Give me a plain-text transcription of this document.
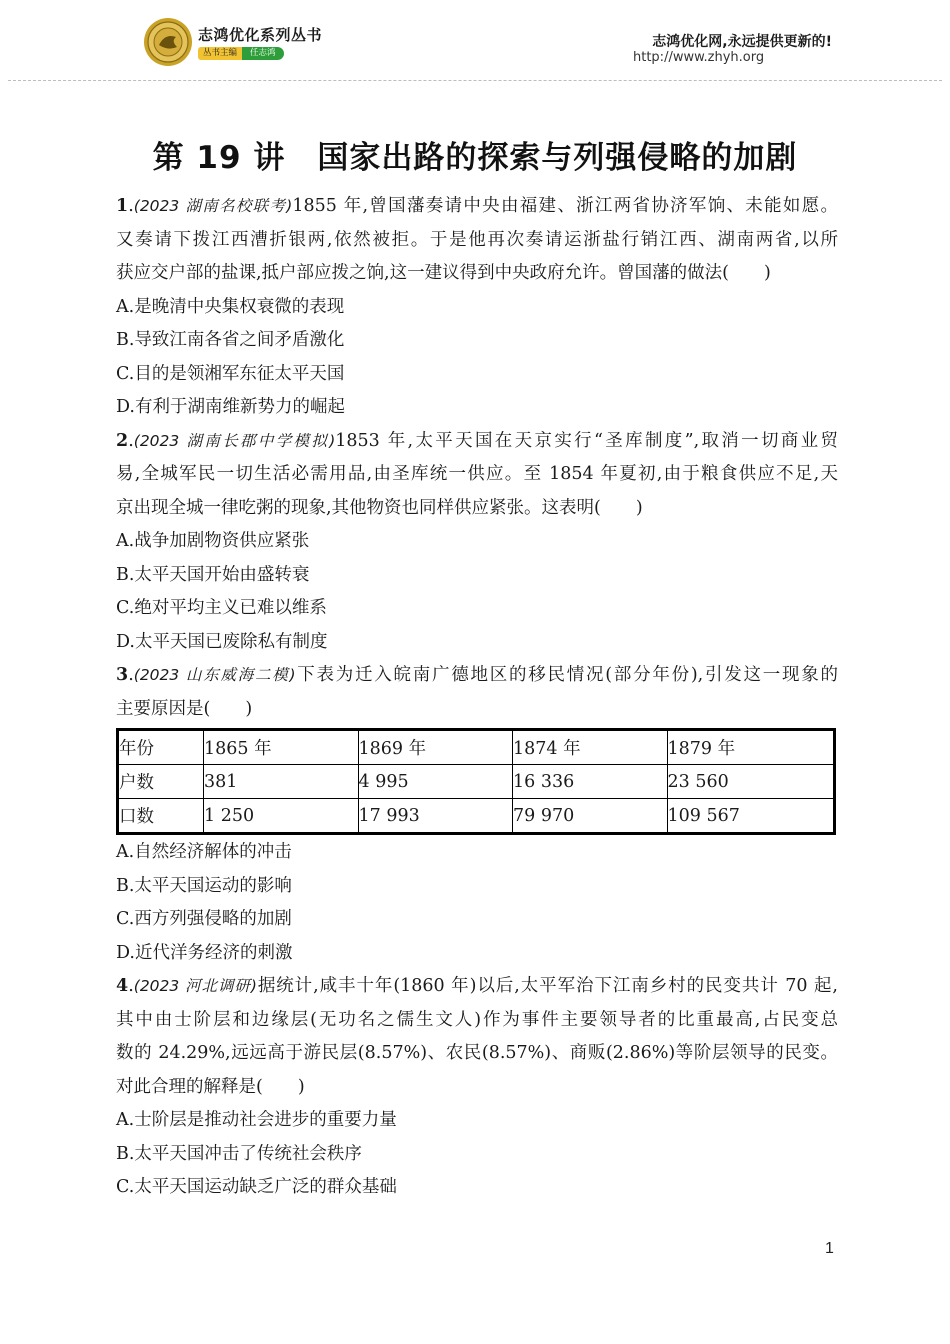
志鸿优化系列丛书
丛书主编	任志鸿
志鸿优化网,永远提供更新的!
http://www.zhyh.org
第 19 讲　国家出路的探索与列强侵略的加剧
1.(2023 湖南名校联考)1855 年,曾国藩奏请中央由福建、浙江两省协济军饷、未能如愿。
又奏请下拨江西漕折银两,依然被拒。于是他再次奏请运浙盐行销江西、湖南两省,以所
获应交户部的盐课,抵户部应拨之饷,这一建议得到中央政府允许。曾国藩的做法(　　)
A.是晚清中央集权衰微的表现
B.导致江南各省之间矛盾激化
C.目的是领湘军东征太平天国
D.有利于湖南维新势力的崛起
2.(2023 湖南长郡中学模拟)1853 年,太平天国在天京实行“圣库制度”,取消一切商业贸
易,全城军民一切生活必需用品,由圣库统一供应。至 1854 年夏初,由于粮食供应不足,天
京出现全城一律吃粥的现象,其他物资也同样供应紧张。这表明(　　)
A.战争加剧物资供应紧张
B.太平天国开始由盛转衰
C.绝对平均主义已难以维系
D.太平天国已废除私有制度
3.(2023 山东威海二模)下表为迁入皖南广德地区的移民情况(部分年份),引发这一现象的
主要原因是(　　)
年份	1865 年	1869 年	1874 年	1879 年
户数	381	4 995	16 336	23 560
口数	1 250	17 993	79 970	109 567
A.自然经济解体的冲击
B.太平天国运动的影响
C.西方列强侵略的加剧
D.近代洋务经济的刺激
4.(2023 河北调研)据统计,咸丰十年(1860 年)以后,太平军治下江南乡村的民变共计 70 起,
其中由士阶层和边缘层(无功名之儒生文人)作为事件主要领导者的比重最高,占民变总
数的 24.29%,远远高于游民层(8.57%)、农民(8.57%)、商贩(2.86%)等阶层领导的民变。
对此合理的解释是(　　)
A.士阶层是推动社会进步的重要力量
B.太平天国冲击了传统社会秩序
C.太平天国运动缺乏广泛的群众基础
1
